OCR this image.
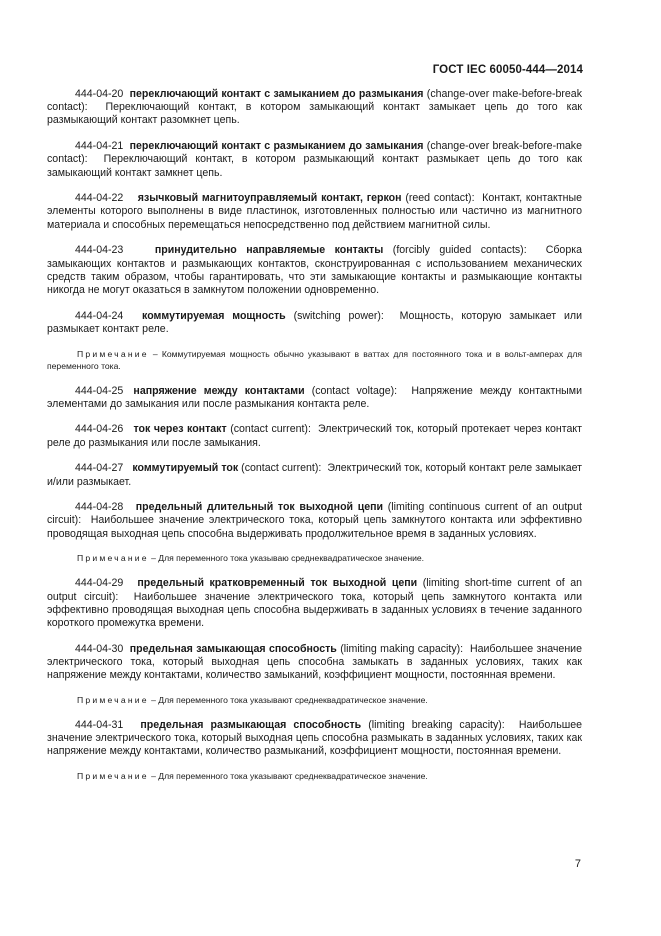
ГОСТ IEC 60050-444—2014

444-04-20 переключающий контакт с замыканием до размыкания (change-over make-before-break contact): Переключающий контакт, в котором замыкающий контакт замыкает цепь до того как размыкающий контакт разомкнет цепь.

444-04-21 переключающий контакт с размыканием до замыкания (change-over break-before-make contact): Переключающий контакт, в котором размыкающий контакт размыкает цепь до того как замыкающий контакт замкнет цепь.

444-04-22 язычковый магнитоуправляемый контакт, геркон (reed contact): Контакт, контактные элементы которого выполнены в виде пластинок, изготовленных полностью или частично из магнитного материала и способных перемещаться непосредственно под действием магнитной силы.

444-04-23	принудительно направляемые контакты (forcibly guided contacts): Сборка замыкающих контактов и размыкающих контактов, сконструированная с использованием механических средств таким образом, чтобы гарантировать, что эти замыкающие контакты и размыкающие контакты никогда не могут оказаться в замкнутом положении одновременно.

444-04-24 коммутируемая мощность (switching power): Мощность, которую замыкает или размыкает контакт реле.

Примечание – Коммутируемая мощность обычно указывают в ваттах для постоянного тока и в вольт-амперах для переменного тока.

444-04-25 напряжение между контактами (contact voltage): Напряжение между контактными элементами до замыкания или после размыкания контакта реле.

444-04-26 ток через контакт (contact current): Электрический ток, который протекает через контакт реле до размыкания или после замыкания.

444-04-27 коммутируемый ток (contact current): Электрический ток, который контакт реле замыкает и/или размыкает.

444-04-28 предельный длительный ток выходной цепи (limiting continuous current of an output circuit): Наибольшее значение электрического тока, который цепь замкнутого контакта или эффективно проводящая выходная цепь способна выдерживать продолжительное время в заданных условиях.

Примечание – Для переменного тока указываю среднеквадратическое значение.

444-04-29 предельный кратковременный ток выходной цепи (limiting short-time current of an output circuit): Наибольшее значение электрического тока, который цепь замкнутого контакта или эффективно проводящая выходная цепь способна выдерживать в заданных условиях в течение заданного короткого промежутка времени.

444-04-30 предельная замыкающая способность (limiting making capacity): Наибольшее значение электрического тока, который выходная цепь способна замыкать в заданных условиях, таких как напряжение между контактами, количество замыканий, коэффициент мощности, постоянная времени.

Примечание – Для переменного тока указывают среднеквадратическое значение.

444-04-31 предельная размыкающая способность (limiting breaking capacity): Наибольшее значение электрического тока, который выходная цепь способна размыкать в заданных условиях, таких как напряжение между контактами, количество размыканий, коэффициент мощности, постоянная времени.

Примечание – Для переменного тока указывают среднеквадратическое значение.

7
